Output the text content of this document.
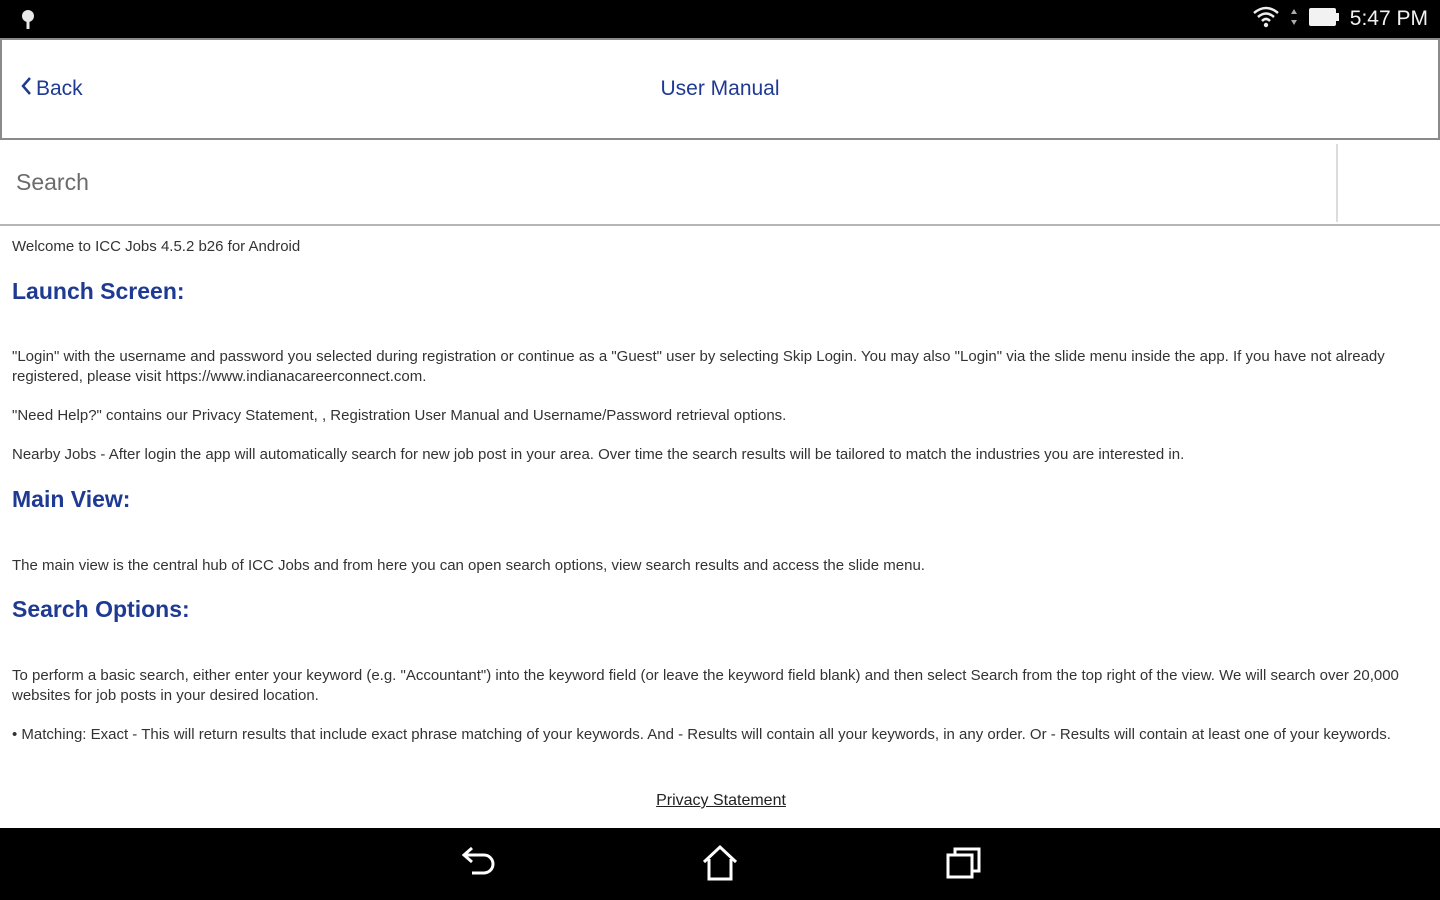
5:47 PM
Back	User Manual
Search
Welcome to ICC Jobs 4.5.2 b26 for Android
Launch Screen:

"Login" with the username and password you selected during registration or continue as a "Guest" user by selecting Skip Login. You may also "Login" via the slide menu inside the app. If you have not already registered, please visit https://www.indianacareerconnect.com.

"Need Help?" contains our Privacy Statement, , Registration User Manual and Username/Password retrieval options.

Nearby Jobs - After login the app will automatically search for new job post in your area. Over time the search results will be tailored to match the industries you are interested in.

Main View:

The main view is the central hub of ICC Jobs and from here you can open search options, view search results and access the slide menu.

Search Options:

To perform a basic search, either enter your keyword (e.g. "Accountant") into the keyword field (or leave the keyword field blank) and then select Search from the top right of the view. We will search over 20,000 websites for job posts in your desired location.

• Matching: Exact - This will return results that include exact phrase matching of your keywords. And - Results will contain all your keywords, in any order. Or - Results will contain at least one of your keywords.

Privacy Statement
